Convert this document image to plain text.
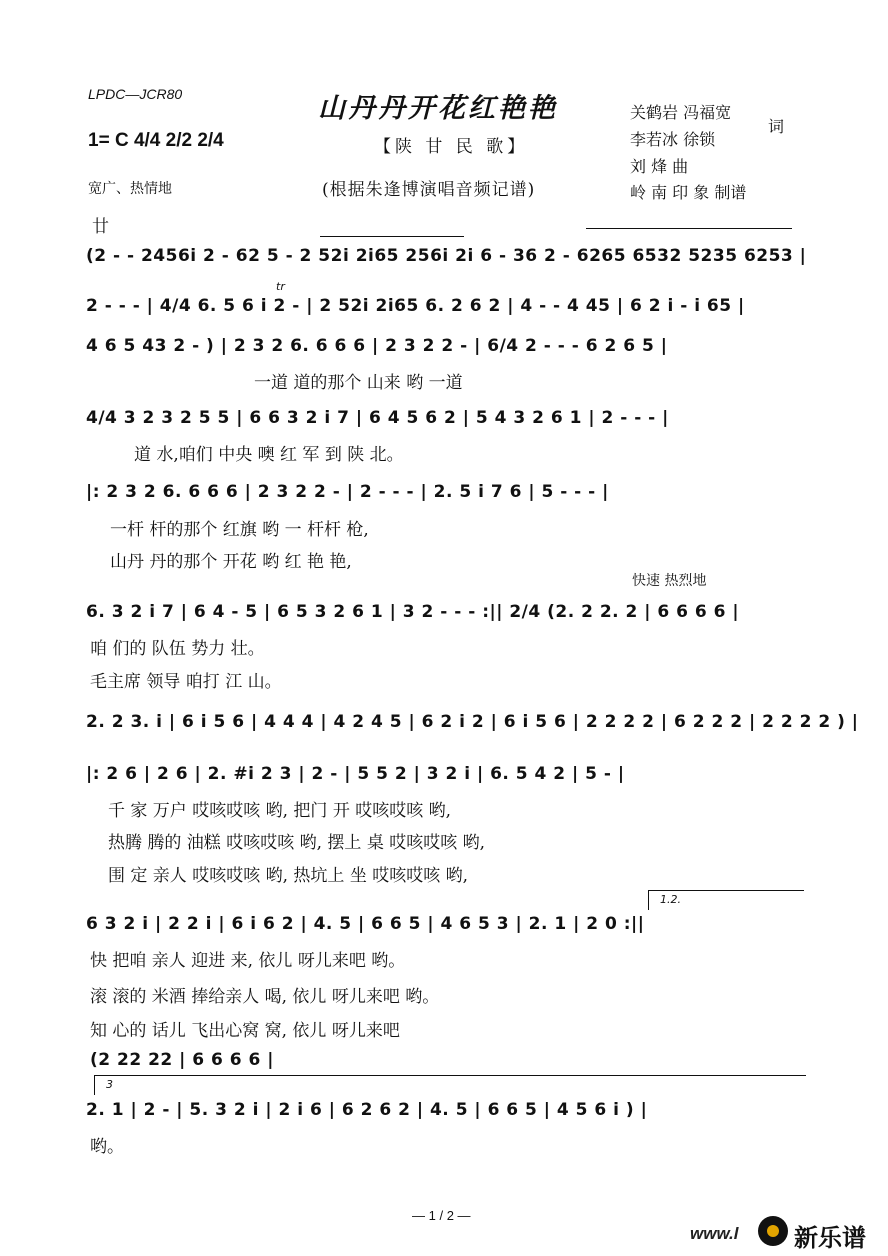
LPDC—JCR80	山丹丹开花红艳艳
【陕 甘 民 歌】
(根据朱逢博演唱音频记谱)
1= C 4/4 2/2 2/4
宽广、热情地
关鹤岩 冯福宽
李若冰 徐锁
词
刘 烽 曲
岭 南 印 象 制谱
廿
(2 - - 2456i 2 - 62 5 - 2 52i 2i65 256i 2i 6 - 36 2 - 6265 6532 5235 6253 |
tr
2 - - - | 4/4 6. 5 6 i 2 - | 2 52i 2i65 6. 2 6 2 | 4 - - 4 45 | 6 2 i - i 65 |
4 6 5 43 2 - ) | 2 3 2 6. 6 6 6 | 2 3 2 2 - | 6/4 2 - - - 6 2 6 5 |
一道 道的那个 山来 哟 一道
4/4 3 2 3 2 5 5 | 6 6 3 2 i 7 | 6 4 5 6 2 | 5 4 3 2 6 1 | 2 - - - |
道 水,咱们 中央 噢 红 军 到 陕 北。
|: 2 3 2 6. 6 6 6 | 2 3 2 2 - | 2 - - - | 2. 5 i 7 6 | 5 - - - |
一杆 杆的那个 红旗 哟 一 杆杆 枪,
山丹 丹的那个 开花 哟 红 艳 艳,
快速 热烈地
6. 3 2 i 7 | 6 4 - 5 | 6 5 3 2 6 1 | 3 2 - - - :|| 2/4 (2. 2 2. 2 | 6 6 6 6 |
咱 们的 队伍 势力 壮。
毛主席 领导 咱打 江 山。
2. 2 3. i | 6 i 5 6 | 4 4 4 | 4 2 4 5 | 6 2 i 2 | 6 i 5 6 | 2 2 2 2 | 6 2 2 2 | 2 2 2 2 ) |
|: 2 6 | 2 6 | 2. #i 2 3 | 2 - | 5 5 2 | 3 2 i | 6. 5 4 2 | 5 - |
千 家 万户 哎咳哎咳 哟, 把门 开 哎咳哎咳 哟,
热腾 腾的 油糕 哎咳哎咳 哟, 摆上 桌 哎咳哎咳 哟,
围 定 亲人 哎咳哎咳 哟, 热坑上 坐 哎咳哎咳 哟,
1.2.
6 3 2 i | 2 2 i | 6 i 6 2 | 4. 5 | 6 6 5 | 4 6 5 3 | 2. 1 | 2 0 :||
快 把咱 亲人 迎进 来, 依儿 呀儿来吧 哟。
滚 滚的 米酒 捧给亲人 喝, 依儿 呀儿来吧 哟。
知 心的 话儿 飞出心窝 窝, 依儿 呀儿来吧
(2 22 22 | 6 6 6 6 |
3
2. 1 | 2 - | 5. 3 2 i | 2 i 6 | 6 2 6 2 | 4. 5 | 6 6 5 | 4 5 6 i ) |
哟。
— 1 / 2 —
www.l 新乐谱
